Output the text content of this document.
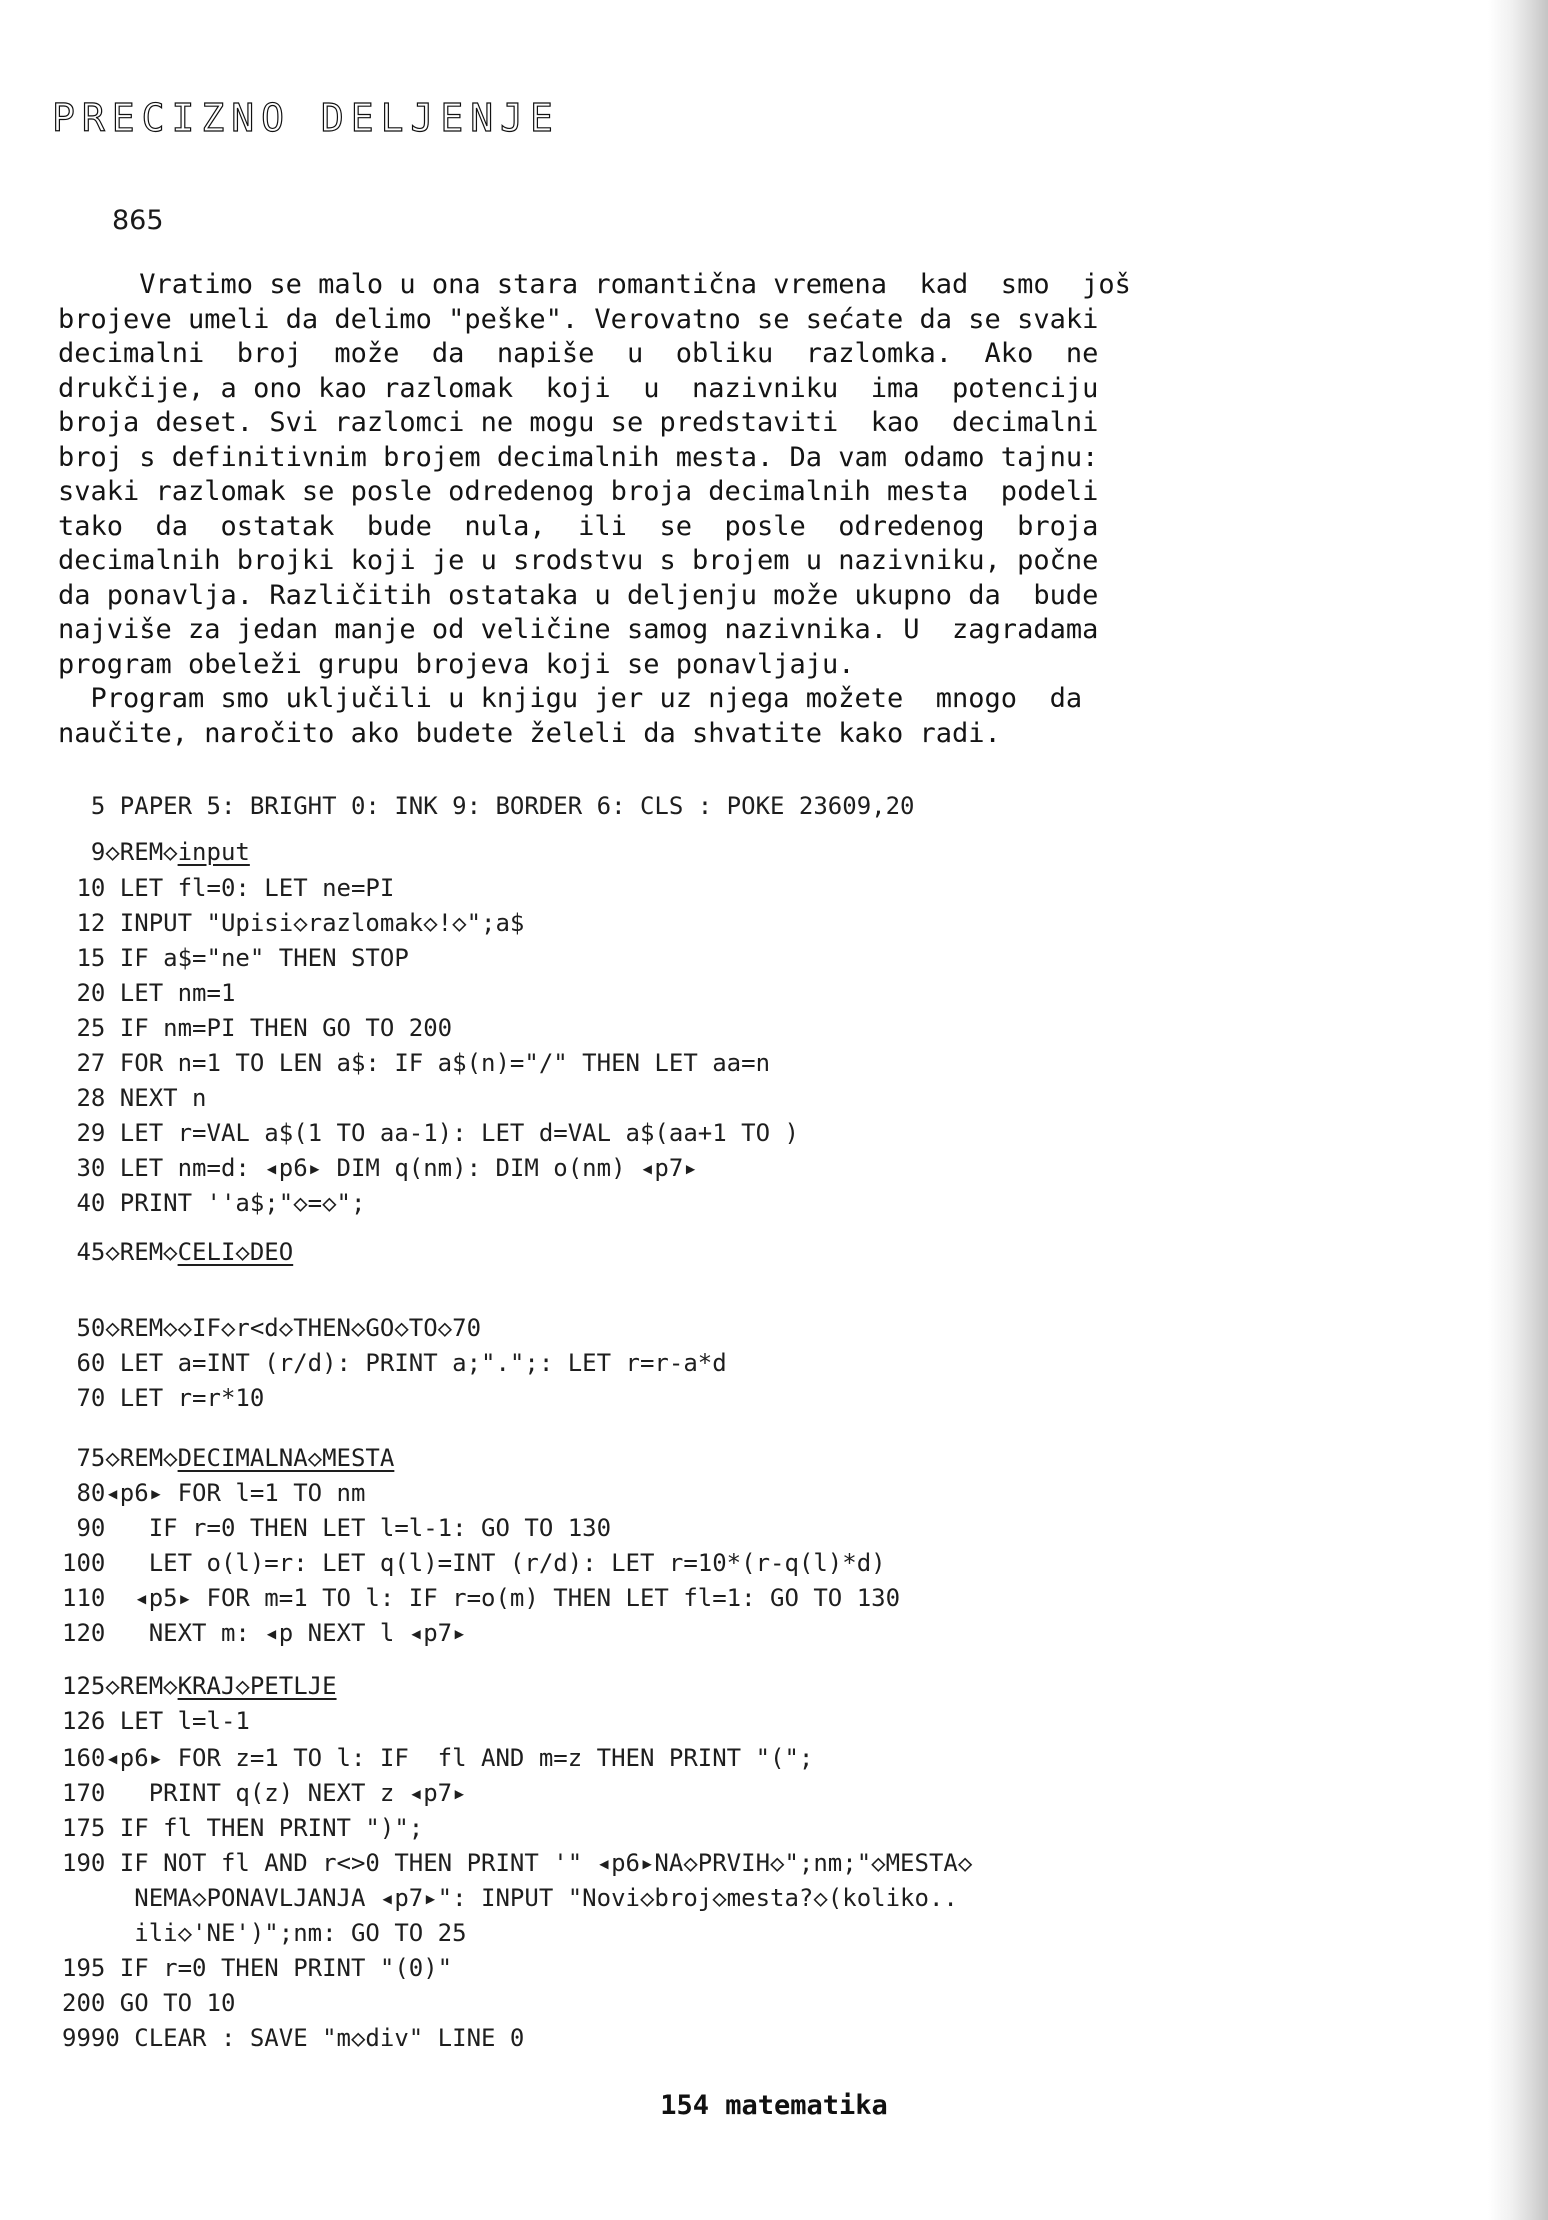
PRECIZNO DELJENJE
865
Vratimo se malo u ona stara romantična vremena  kad  smo  još
brojeve umeli da delimo "peške". Verovatno se sećate da se svaki
decimalni  broj  može  da  napiše  u  obliku  razlomka.  Ako  ne
drukčije, a ono kao razlomak  koji  u  nazivniku  ima  potenciju
broja deset. Svi razlomci ne mogu se predstaviti  kao  decimalni
broj s definitivnim brojem decimalnih mesta. Da vam odamo tajnu:
svaki razlomak se posle odredenog broja decimalnih mesta  podeli
tako  da  ostatak  bude  nula,  ili  se  posle  odredenog  broja
decimalnih brojki koji je u srodstvu s brojem u nazivniku, počne
da ponavlja. Različitih ostataka u deljenju može ukupno da  bude
najviše za jedan manje od veličine samog nazivnika. U  zagradama
program obeleži grupu brojeva koji se ponavljaju.
Program smo uključili u knjigu jer uz njega možete  mnogo  da
naučite, naročito ako budete želeli da shvatite kako radi.
5 PAPER 5: BRIGHT 0: INK 9: BORDER 6: CLS : POKE 23609,20
9◇REM◇input
10 LET fl=0: LET ne=PI
12 INPUT "Upisi◇razlomak◇!◇";a$
15 IF a$="ne" THEN STOP
20 LET nm=1
25 IF nm=PI THEN GO TO 200
27 FOR n=1 TO LEN a$: IF a$(n)="/" THEN LET aa=n
28 NEXT n
29 LET r=VAL a$(1 TO aa-1): LET d=VAL a$(aa+1 TO )
30 LET nm=d: ◂p6▸ DIM q(nm): DIM o(nm) ◂p7▸
40 PRINT ''a$;"◇=◇";
45◇REM◇CELI◇DEO
50◇REM◇◇IF◇r<d◇THEN◇GO◇TO◇70
60 LET a=INT (r/d): PRINT a;".";: LET r=r-a*d
70 LET r=r*10
75◇REM◇DECIMALNA◇MESTA
80◂p6▸ FOR l=1 TO nm
90   IF r=0 THEN LET l=l-1: GO TO 130
100   LET o(l)=r: LET q(l)=INT (r/d): LET r=10*(r-q(l)*d)
110  ◂p5▸ FOR m=1 TO l: IF r=o(m) THEN LET fl=1: GO TO 130
120   NEXT m: ◂p NEXT l ◂p7▸
125◇REM◇KRAJ◇PETLJE
126 LET l=l-1
160◂p6▸ FOR z=1 TO l: IF  fl AND m=z THEN PRINT "(";
170   PRINT q(z) NEXT z ◂p7▸
175 IF fl THEN PRINT ")";
190 IF NOT fl AND r<>0 THEN PRINT '" ◂p6▸NA◇PRVIH◇";nm;"◇MESTA◇
NEMA◇PONAVLJANJA ◂p7▸": INPUT "Novi◇broj◇mesta?◇(koliko..
ili◇'NE')";nm: GO TO 25
195 IF r=0 THEN PRINT "(0)"
200 GO TO 10
9990 CLEAR : SAVE "m◇div" LINE 0
154 matematika
